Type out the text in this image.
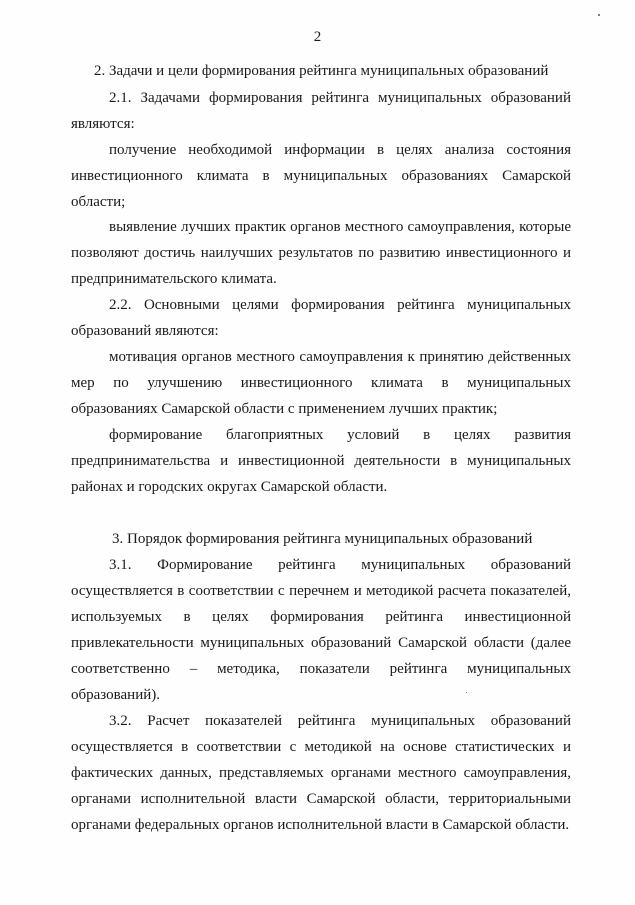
2
2. Задачи и цели формирования рейтинга муниципальных образований
2.1. Задачами формирования рейтинга муниципальных образований
являются:
получение необходимой информации в целях анализа состояния
инвестиционного климата в муниципальных образованиях Самарской
области;
выявление лучших практик органов местного самоуправления, которые
позволяют достичь наилучших результатов по развитию инвестиционного и
предпринимательского климата.
2.2. Основными целями формирования рейтинга муниципальных
образований являются:
мотивация органов местного самоуправления к принятию действенных
мер по улучшению инвестиционного климата в муниципальных
образованиях Самарской области с применением лучших практик;
формирование благоприятных условий в целях развития
предпринимательства и инвестиционной деятельности в муниципальных
районах и городских округах Самарской области.
3. Порядок формирования рейтинга муниципальных образований
3.1. Формирование рейтинга муниципальных образований
осуществляется в соответствии с перечнем и методикой расчета показателей,
используемых в целях формирования рейтинга инвестиционной
привлекательности муниципальных образований Самарской области (далее
соответственно – методика, показатели рейтинга муниципальных
образований).
3.2. Расчет показателей рейтинга муниципальных образований
осуществляется в соответствии с методикой на основе статистических и
фактических данных, представляемых органами местного самоуправления,
органами исполнительной власти Самарской области, территориальными
органами федеральных органов исполнительной власти в Самарской области.
